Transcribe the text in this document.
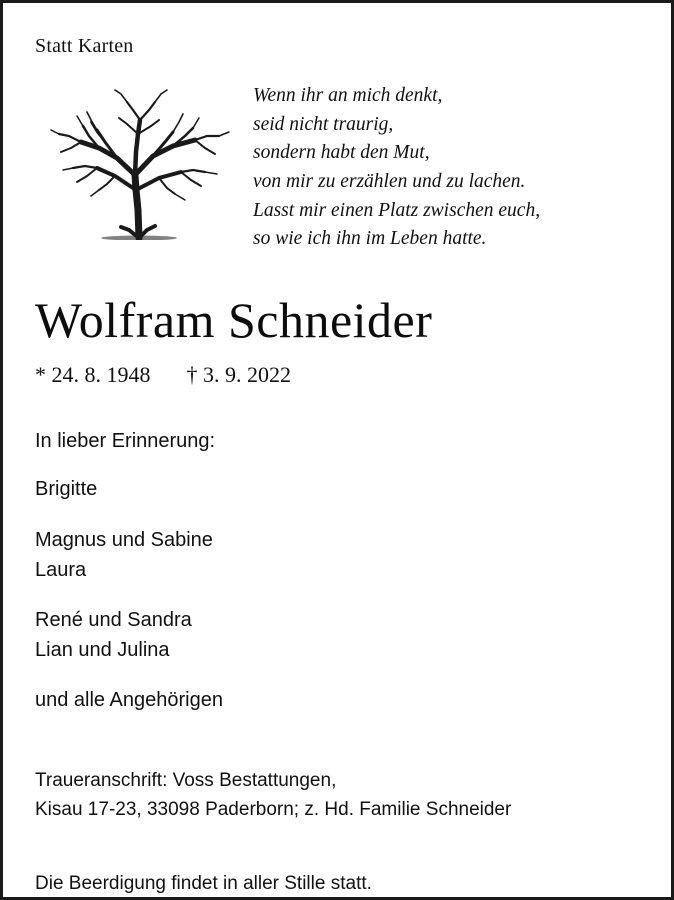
Statt Karten
Wenn ihr an mich denkt,
seid nicht traurig,
sondern habt den Mut,
von mir zu erzählen und zu lachen.
Lasst mir einen Platz zwischen euch,
so wie ich ihn im Leben hatte.
Wolfram Schneider
* 24. 8. 1948 † 3. 9. 2022
In lieber Erinnerung:
Brigitte
Magnus und Sabine
Laura
René und Sandra
Lian und Julina
und alle Angehörigen
Traueranschrift: Voss Bestattungen,
Kisau 17-23, 33098 Paderborn; z. Hd. Familie Schneider
Die Beerdigung findet in aller Stille statt.
